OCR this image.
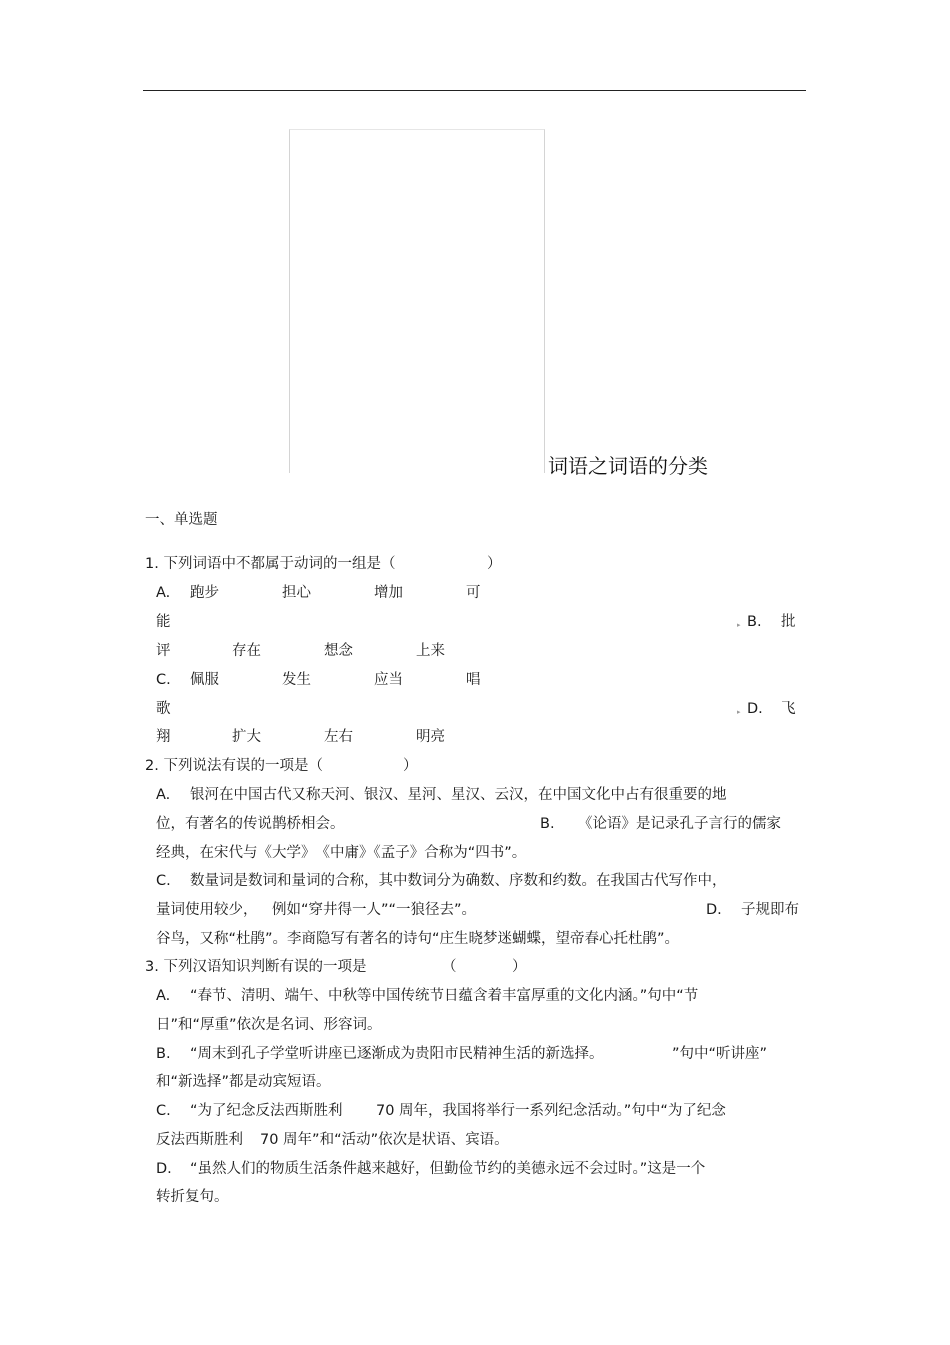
词语之词语的分类
一、单选题
1. 下列词语中不都属于动词的一组是（	）
A. 跑步	担心	增加	可
能	▸ B. 批
评	存在	想念	上来
C. 佩服	发生	应当	唱
歌	▸ D. 飞
翔	扩大	左右	明亮
2. 下列说法有误的一项是（	）
A. 银河在中国古代又称天河、银汉、星河、星汉、云汉，在中国文化中占有很重要的地
位，有著名的传说鹊桥相会。	B. 《论语》是记录孔子言行的儒家
经典，在宋代与《大学》　《中庸》《孟子》合称为“四书”。
C. 数量词是数词和量词的合称，其中数词分为确数、序数和约数。在我国古代写作中，
量词使用较少， 例如“穿井得一人”“一狼径去”。	D. 子规即布
谷鸟，又称“杜鹃”。李商隐写有著名的诗句“庄生晓梦迷蝴蝶，望帝春心托杜鹃”。
3. 下列汉语知识判断有误的一项是	（	）
A. “春节、清明、端午、中秋等中国传统节日蕴含着丰富厚重的文化内涵。”句中“节
日”和“厚重”依次是名词、形容词。
B. “周末到孔子学堂听讲座已逐渐成为贵阳市民精神生活的新选择。	”句中“听讲座”
和“新选择”都是动宾短语。
C. “为了纪念反法西斯胜利 70 周年，我国将举行一系列纪念活动。”句中“为了纪念
反法西斯胜利 70 周年”和“活动”依次是状语、宾语。
D. “虽然人们的物质生活条件越来越好，但勤俭节约的美德永远不会过时。”这是一个
转折复句。
